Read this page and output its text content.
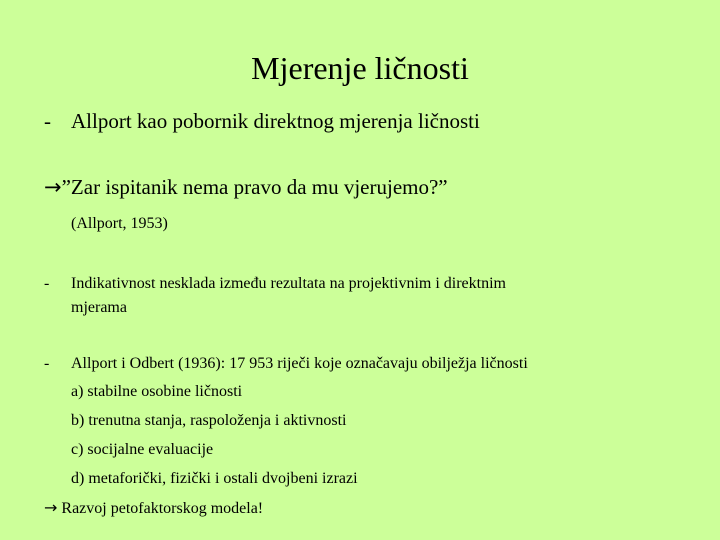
Mjerenje ličnosti
- Allport kao pobornik direktnog mjerenja ličnosti
→”Zar ispitanik nema pravo da mu vjerujemo?”
(Allport, 1953)
- Indikativnost nesklada između rezultata na projektivnim i direktnim
mjerama
- Allport i Odbert (1936): 17 953 riječi koje označavaju obilježja ličnosti
a) stabilne osobine ličnosti
b) trenutna stanja, raspoloženja i aktivnosti
c) socijalne evaluacije
d) metaforički, fizički i ostali dvojbeni izrazi
→ Razvoj petofaktorskog modela!
